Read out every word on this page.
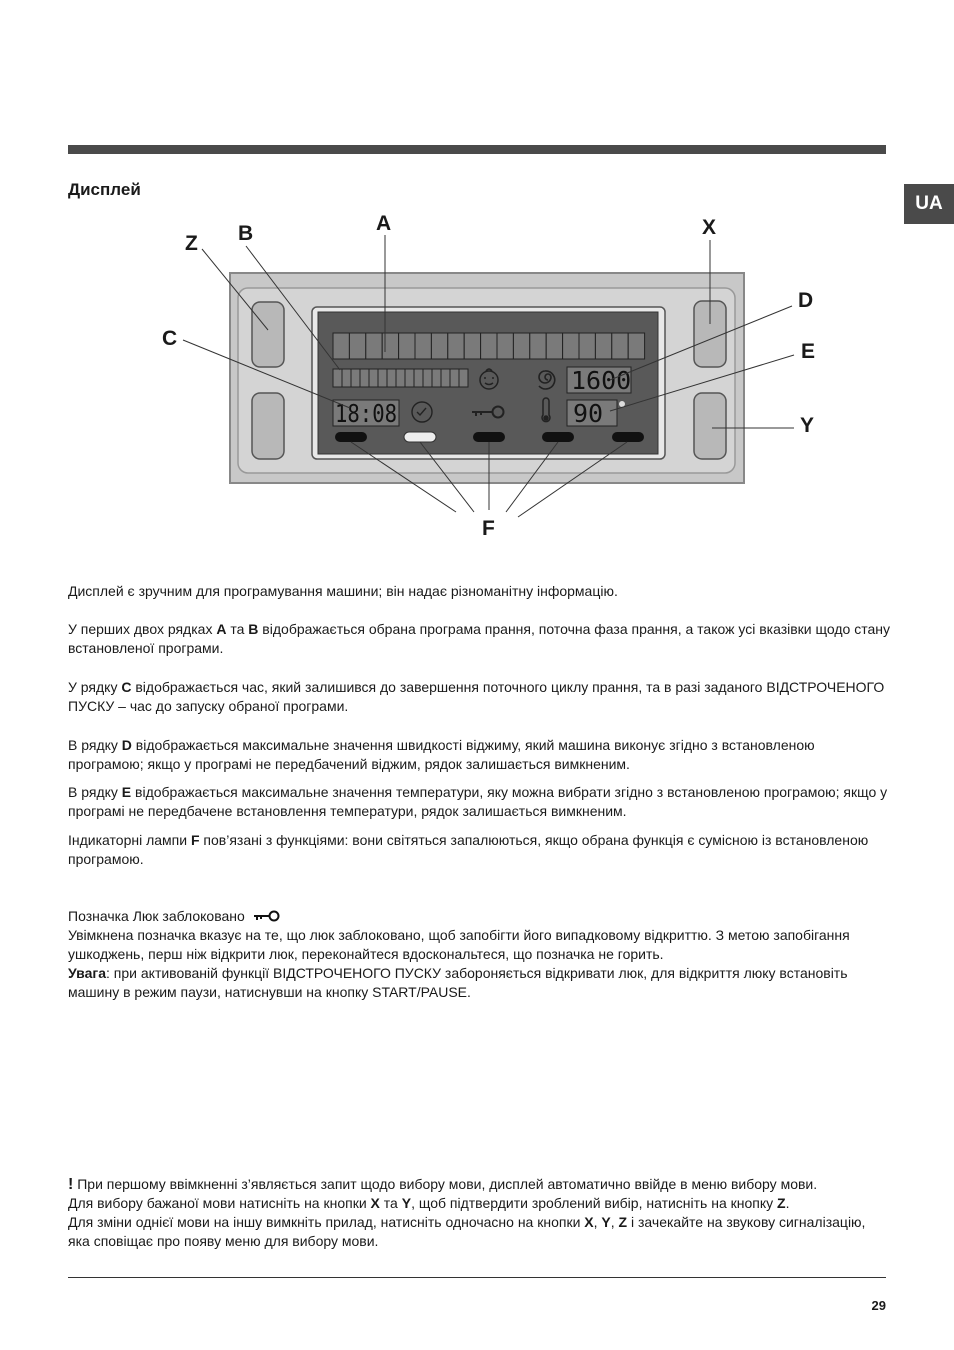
UA
Дисплей
1600
18:08	90
A
B
Z
C
X
D
E
Y
F

Дисплей є зручним для програмування машини; він надає різноманітну інформацію.

У перших двох рядках A та B відображається обрана програма прання, поточна фаза прання, а також усі вказівки щодо стану встановленої програми.

У рядку C відображається час, який залишився до завершення поточного циклу прання, та в разі заданого ВІДСТРОЧЕНОГО ПУСКУ – час до запуску обраної програми.

В рядку D відображається максимальне значення швидкості віджиму, який машина виконує згідно з встановленою програмою; якщо у програмі не передбачений віджим, рядок залишається вимкненим.

В рядку E відображається максимальне значення температури, яку можна вибрати згідно з встановленою програмою; якщо у програмі не передбачене встановлення температури, рядок залишається вимкненим.

Індикаторні лампи F пов’язані з функціями: вони світяться запалюються, якщо обрана функція є сумісною із встановленою програмою.

Позначка Люк заблоковано
Увімкнена позначка вказує на те, що люк заблоковано, щоб запобігти його випадковому відкриттю. З метою запобігання ушкоджень, перш ніж відкрити люк, переконайтеся вдоскональтеся, що позначка не горить.
Увага: при активованій функції ВІДСТРОЧЕНОГО ПУСКУ забороняється відкривати люк, для відкриття люку встановіть машину в режим паузи, натиснувши на кнопку START/PAUSE.
! При першому ввімкненні з’являється запит щодо вибору мови, дисплей автоматично ввійде в меню вибору мови.
Для вибору бажаної мови натисніть на кнопки X та Y, щоб підтвердити зроблений вибір, натисніть на кнопку Z.
Для зміни однієї мови на іншу вимкніть прилад, натисніть одночасно на кнопки X, Y, Z і зачекайте на звукову сигналізацію, яка сповіщає про появу меню для вибору мови.
29
